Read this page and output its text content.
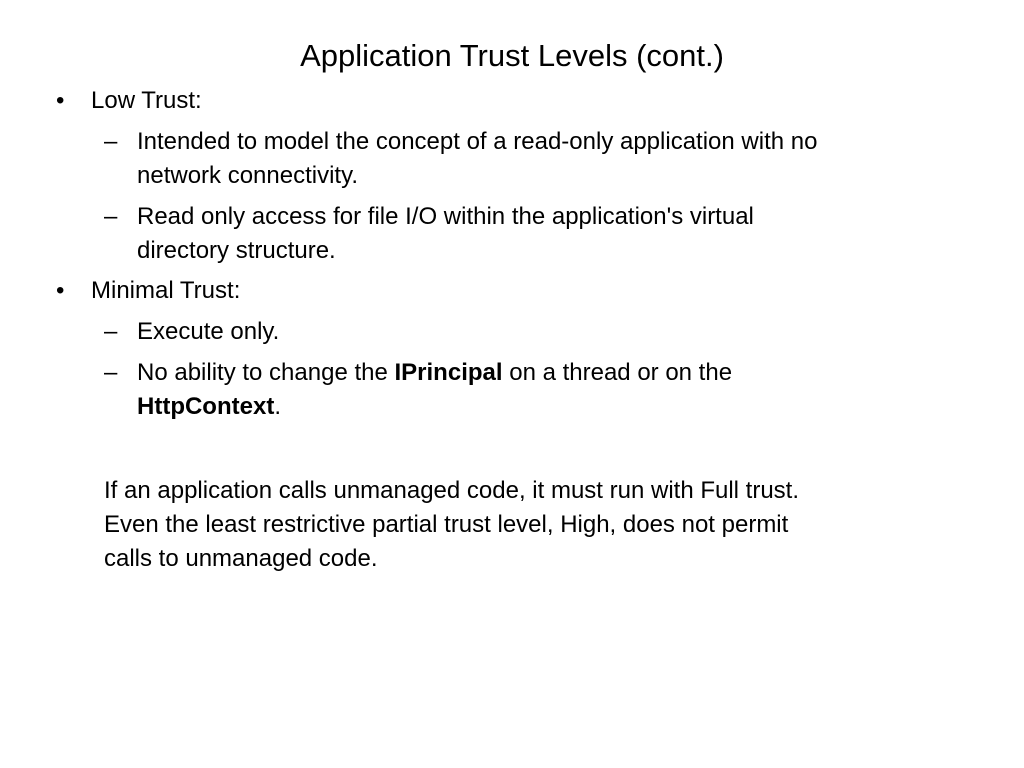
Application Trust Levels (cont.)
• Low Trust:
– Intended to model the concept of a read-only application with no
network connectivity.
– Read only access for file I/O within the application's virtual
directory structure.
• Minimal Trust:
– Execute only.
– No ability to change the IPrincipal on a thread or on the
HttpContext.
If an application calls unmanaged code, it must run with Full trust.
Even the least restrictive partial trust level, High, does not permit
calls to unmanaged code.
